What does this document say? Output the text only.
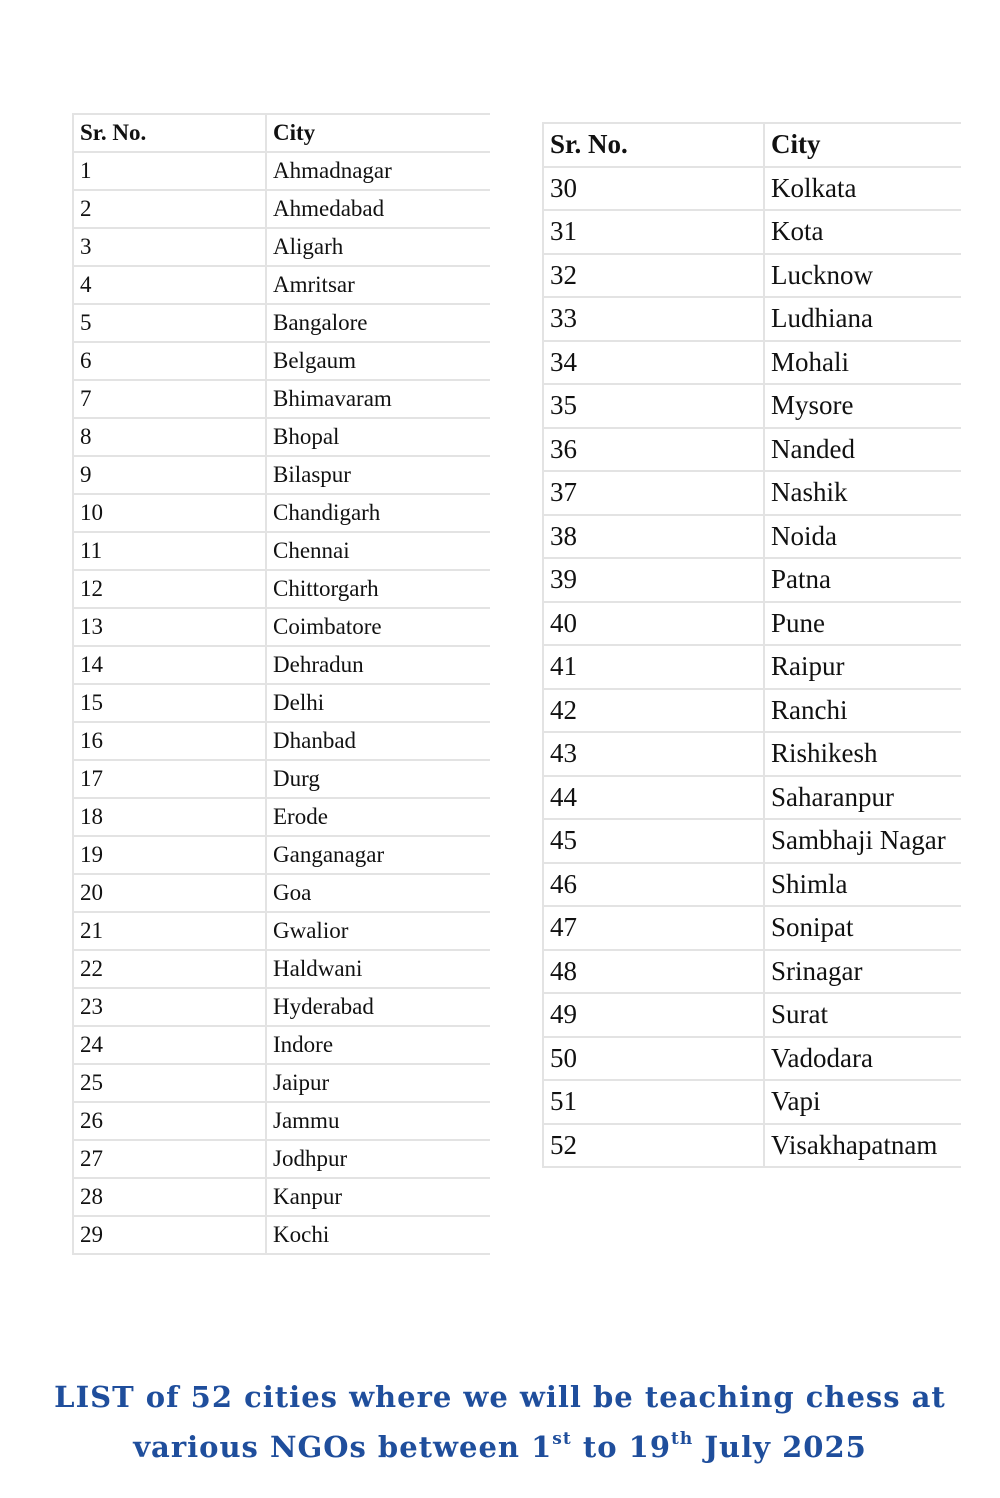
Sr. No.	City
1	Ahmadnagar
2	Ahmedabad
3	Aligarh
4	Amritsar
5	Bangalore
6	Belgaum
7	Bhimavaram
8	Bhopal
9	Bilaspur
10	Chandigarh
11	Chennai
12	Chittorgarh
13	Coimbatore
14	Dehradun
15	Delhi
16	Dhanbad
17	Durg
18	Erode
19	Ganganagar
20	Goa
21	Gwalior
22	Haldwani
23	Hyderabad
24	Indore
25	Jaipur
26	Jammu
27	Jodhpur
28	Kanpur
29	Kochi
Sr. No.	City
30	Kolkata
31	Kota
32	Lucknow
33	Ludhiana
34	Mohali
35	Mysore
36	Nanded
37	Nashik
38	Noida
39	Patna
40	Pune
41	Raipur
42	Ranchi
43	Rishikesh
44	Saharanpur
45	Sambhaji Nagar
46	Shimla
47	Sonipat
48	Srinagar
49	Surat
50	Vadodara
51	Vapi
52	Visakhapatnam
LIST of 52 cities where we will be teaching chess at
various NGOs between 1st to 19th July 2025
